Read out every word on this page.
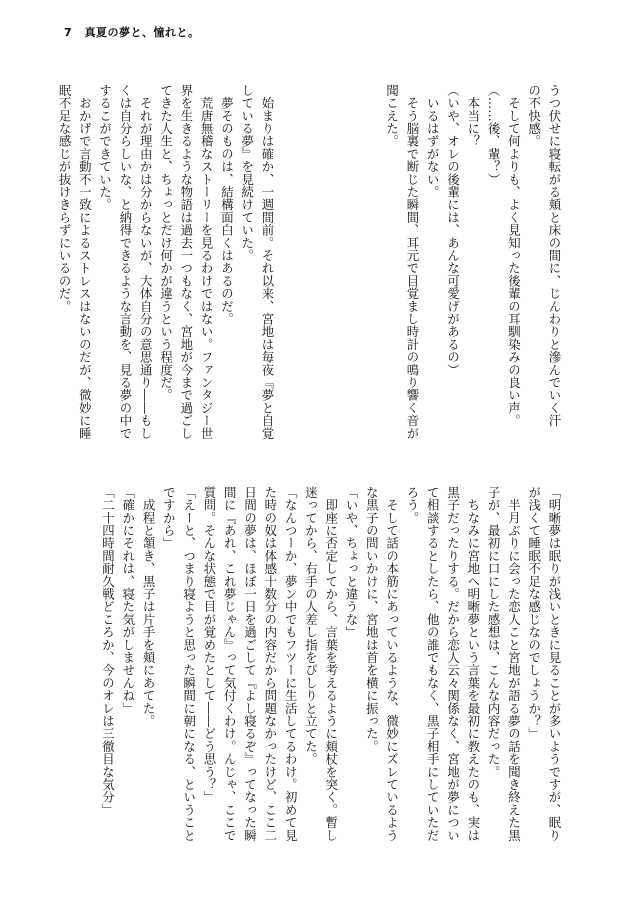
7 真夏の夢と、憧れと。
うつ伏せに寝転がる頬と床の間に、じんわりと滲んでいく汗
の不快感。
　そして何よりも、よく見知った後輩の耳馴染みの良い声。
（……後、輩？）
　本当に？
（いや、オレの後輩には、あんな可愛げがあるの）
　いるはずがない。
　そう脳裏で断じた瞬間、耳元で目覚まし時計の鳴り響く音が
聞こえた。
　始まりは確か、一週間前。それ以来、宮地は毎夜『夢と自覚
している夢』を見続けていた。
　夢そのものは、結構面白くはあるのだ。
　荒唐無稽なストーリーを見るわけではない。ファンタジー世
界を生きるような物語は過去一つもなく、宮地が今まで過ごし
てきた人生と、ちょっとだけ何かが違うという程度だ。
　それが理由かは分からないが、大体自分の意思通り――もし
くは自分らしいな、と納得できるような言動を、見る夢の中で
するこができていた。
　おかげで言動不一致によるストレスはないのだが、微妙に睡
眠不足な感じが抜けきらずにいるのだ。
「明晰夢は眠りが浅いときに見ることが多いようですが、眠り
が浅くて睡眠不足な感じなのでしょうか？」
　半月ぶりに会った恋人こと宮地が語る夢の話を聞き終えた黒
子が、最初に口にした感想は、こんな内容だった。
　ちなみに宮地へ明晰夢という言葉を最初に教えたのも、実は
黒子だったりする。だから恋人云々関係なく、宮地が夢につい
て相談するとしたら、他の誰でもなく、黒子相手にしていただ
ろう。
　そして話の本筋にあっているような、微妙にズレているよう
な黒子の問いかけに、宮地は首を横に振った。
「いや、ちょっと違うな」
　即座に否定してから、言葉を考えるように頬杖を突く。暫し
迷ってから、右手の人差し指をぴしりと立てた。
「なんつーか、夢ン中でもフツーに生活してるわけ。初めて見
た時の奴は体感十数分の内容だから問題なかったけど、ここ二
日間の夢は、ほぼ一日を過ごして『よし寝るぞ』ってなった瞬
間に『あれ、これ夢じゃん』って気付くわけ。んじゃ、ここで
質問。そんな状態で目が覚めたとして――どう思う？」
「えーと、つまり寝ようと思った瞬間に朝になる、ということ
ですから」
　成程と頷き、黒子は片手を頬にあてた。
「確かにそれは、寝た気がしませんね」
「二十四時間耐久戦どころか、今のオレは三徹目な気分」
